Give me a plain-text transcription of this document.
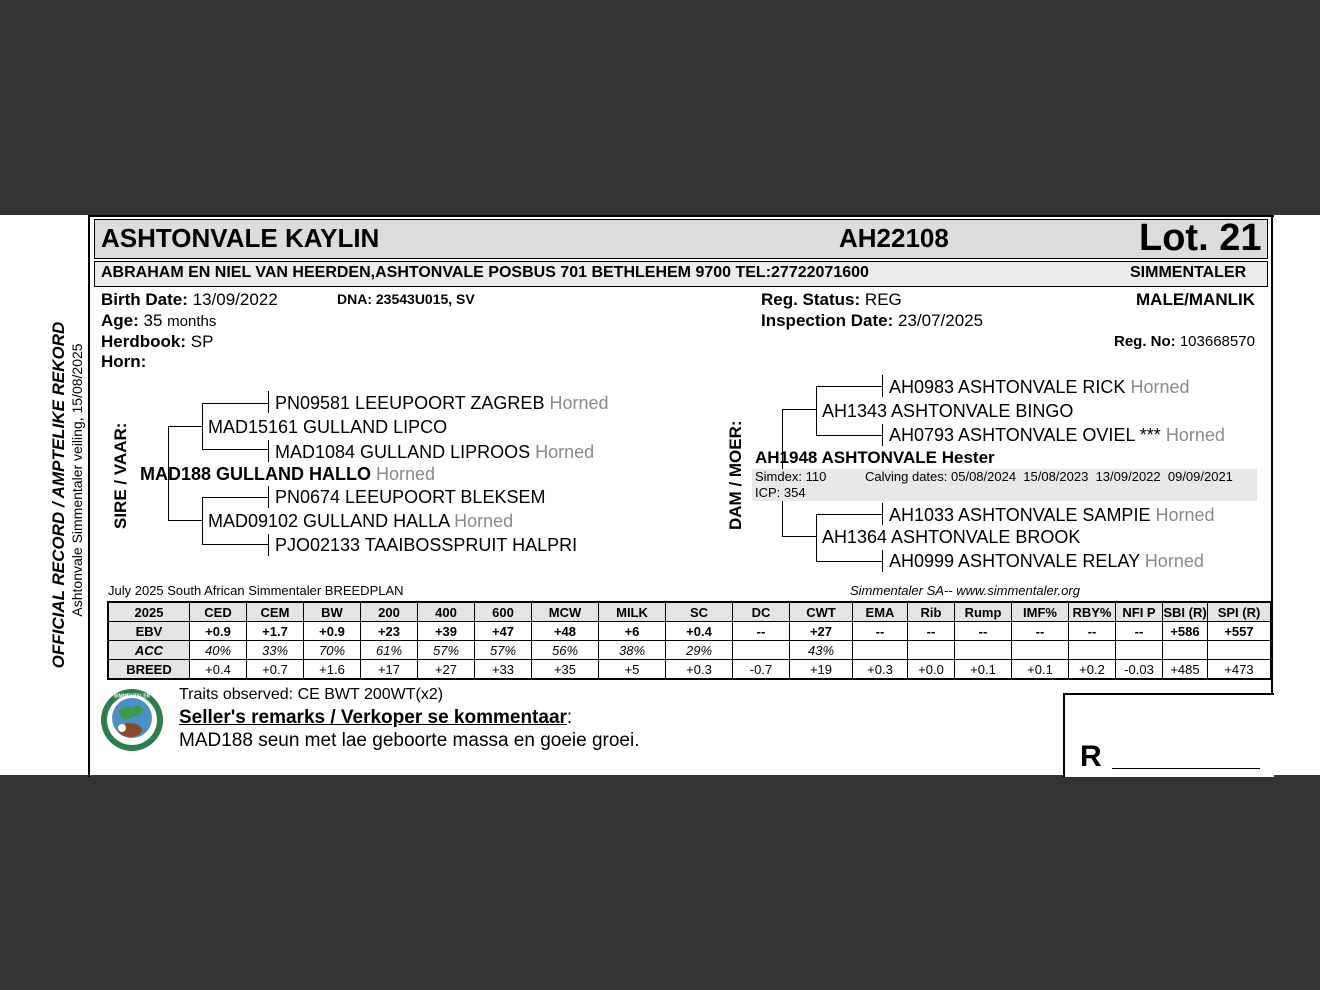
OFFICIAL RECORD / AMPTELIKE REKORD Ashtonvale Simmentaler veiling, 15/08/2025
ASHTONVALE KAYLIN	AH22108	Lot. 21
ABRAHAM EN NIEL VAN HEERDEN,ASHTONVALE POSBUS 701 BETHLEHEM 9700 TEL:27722071600	SIMMENTALER
Birth Date: 13/09/2022	DNA: 23543U015, SV
Age: 35 months
Herdbook: SP
Horn:
Reg. Status: REG
Inspection Date: 23/07/2025
MALE/MANLIK
Reg. No: 103668570
SIRE / VAAR:
PN09581 LEEUPOORT ZAGREB Horned
MAD15161 GULLAND LIPCO
MAD1084 GULLAND LIPROOS Horned
MAD188 GULLAND HALLO Horned
PN0674 LEEUPOORT BLEKSEM
MAD09102 GULLAND HALLA Horned
PJO02133 TAAIBOSSPRUIT HALPRI
DAM / MOER:
AH0983 ASHTONVALE RICK Horned
AH1343 ASHTONVALE BINGO
AH0793 ASHTONVALE OVIEL *** Horned
AH1948 ASHTONVALE Hester
Simdex: 110
ICP: 354
Calving dates: 05/08/2024  15/08/2023  13/09/2022  09/09/2021
AH1033 ASHTONVALE SAMPIE Horned
AH1364 ASHTONVALE BROOK
AH0999 ASHTONVALE RELAY Horned
July 2025 South African Simmentaler BREEDPLAN	Simmentaler SA-- www.simmentaler.org
2025	CED	CEM	BW	200	400	600	MCW	MILK	SC	DC	CWT	EMA	Rib	Rump	IMF%	RBY%	NFI P	SBI (R)	SPI (R)
EBV	+0.9	+1.7	+0.9	+23	+39	+47	+48	+6	+0.4	--	+27	--	--	--	--	--	--	+586	+557
ACC	40%	33%	70%	61%	57%	57%	56%	38%	29%		43%								
BREED	+0.4	+0.7	+1.6	+17	+27	+33	+35	+5	+0.3	-0.7	+19	+0.3	+0.0	+0.1	+0.1	+0.2	-0.03	+485	+473
SIMMENTALER Traits observed: CE BWT 200WT(x2)
Seller's remarks / Verkoper se kommentaar:
MAD188 seun met lae geboorte massa en goeie groei.	R
